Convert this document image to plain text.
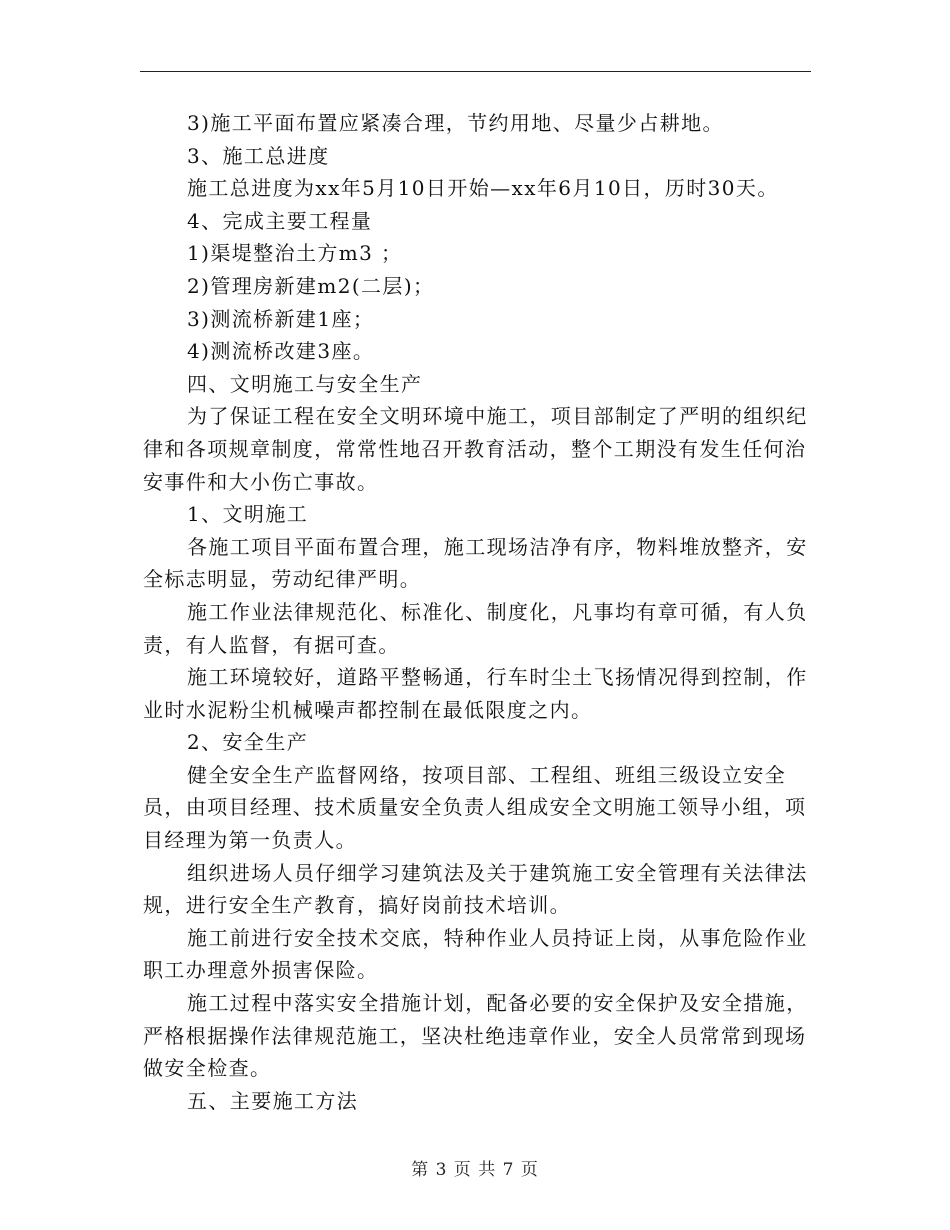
3)施工平面布置应紧凑合理，节约用地、尽量少占耕地。

3、施工总进度

施工总进度为xx年5月10日开始—xx年6月10日，历时30天。

4、完成主要工程量

1)渠堤整治土方m3 ；

2)管理房新建m2(二层)；

3)测流桥新建1座；

4)测流桥改建3座。

四、文明施工与安全生产

为了保证工程在安全文明环境中施工，项目部制定了严明的组织纪律和各项规章制度，常常性地召开教育活动，整个工期没有发生任何治安事件和大小伤亡事故。

1、文明施工

各施工项目平面布置合理，施工现场洁净有序，物料堆放整齐，安全标志明显，劳动纪律严明。

施工作业法律规范化、标准化、制度化，凡事均有章可循，有人负责，有人监督，有据可查。

施工环境较好，道路平整畅通，行车时尘土飞扬情况得到控制，作业时水泥粉尘机械噪声都控制在最低限度之内。

2、安全生产

健全安全生产监督网络，按项目部、工程组、班组三级设立安全员，由项目经理、技术质量安全负责人组成安全文明施工领导小组，项目经理为第一负责人。

组织进场人员仔细学习建筑法及关于建筑施工安全管理有关法律法规，进行安全生产教育，搞好岗前技术培训。

施工前进行安全技术交底，特种作业人员持证上岗，从事危险作业职工办理意外损害保险。

施工过程中落实安全措施计划，配备必要的安全保护及安全措施，严格根据操作法律规范施工，坚决杜绝违章作业，安全人员常常到现场做安全检查。

五、主要施工方法

第 3 页 共 7 页
